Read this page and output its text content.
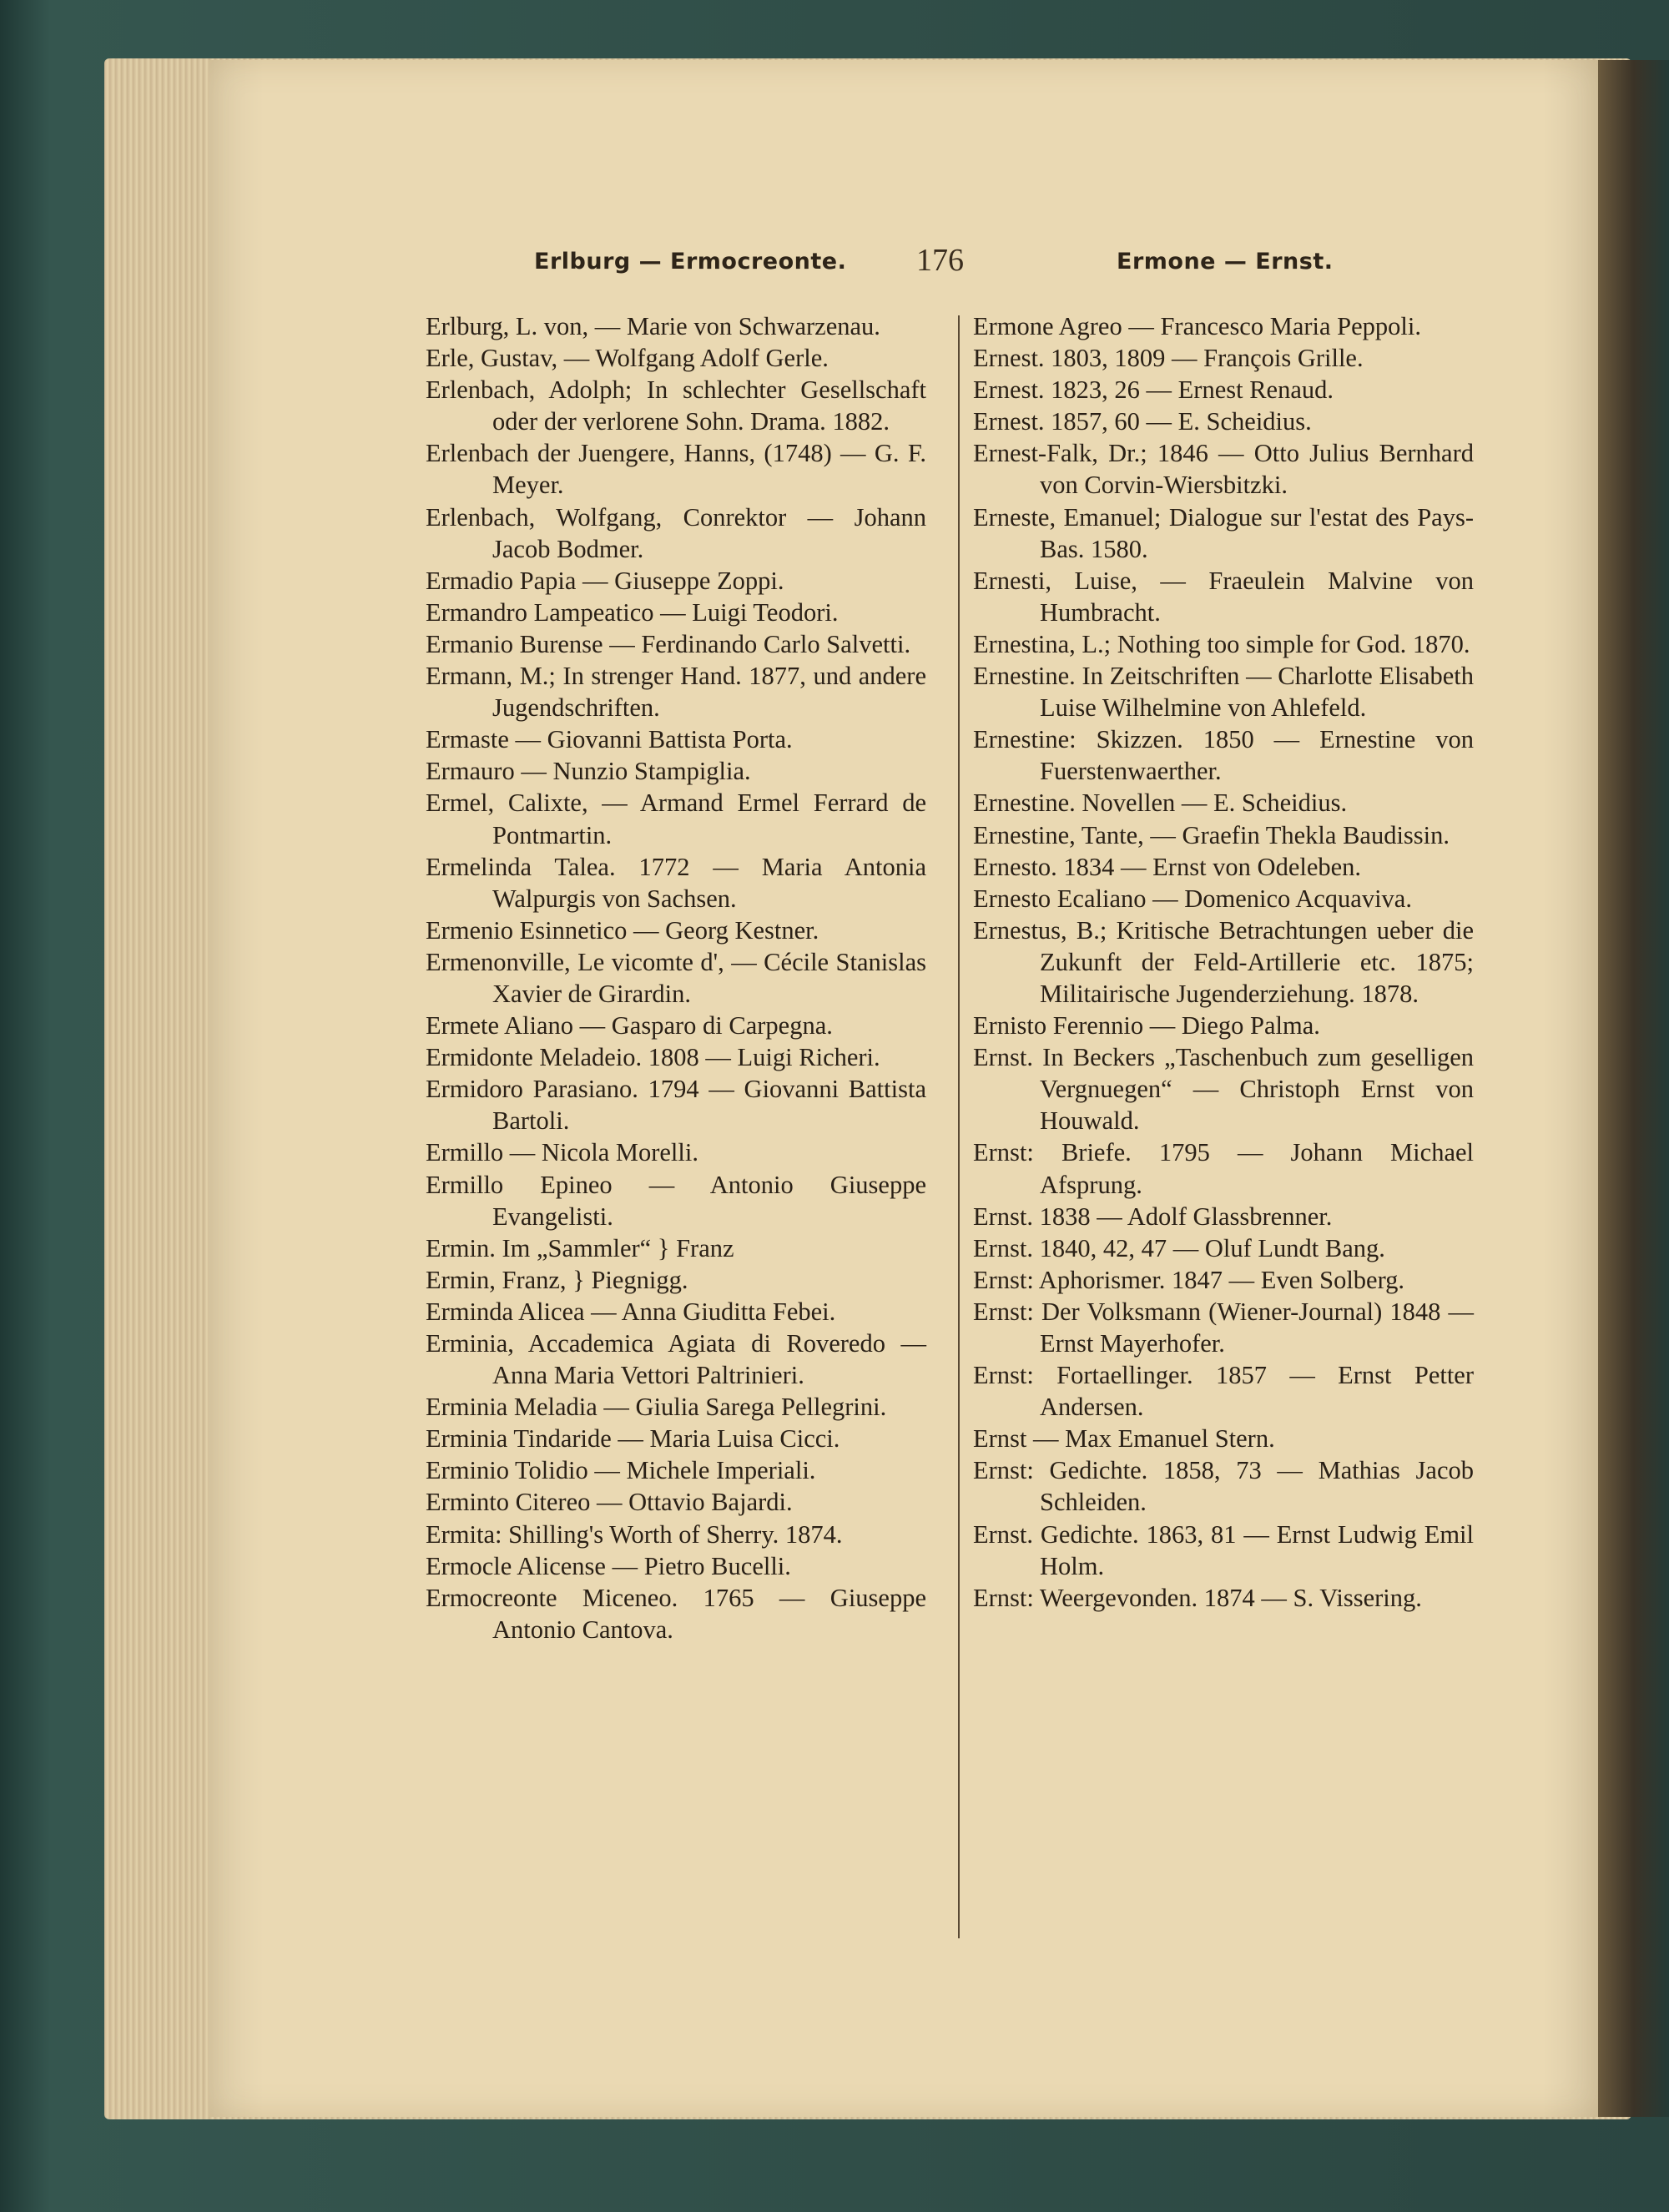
Erlburg — Ermocreonte. 176	Ermone — Ernst.

Erlburg, L. von, — Marie von Schwarzenau.

Erle, Gustav, — Wolfgang Adolf Gerle.

Erlenbach, Adolph; In schlechter Gesellschaft oder der verlorene Sohn. Drama. 1882.

Erlenbach der Juengere, Hanns, (1748) — G. F. Meyer.

Erlenbach, Wolfgang, Conrektor — Johann Jacob Bodmer.

Ermadio Papia — Giuseppe Zoppi.

Ermandro Lampeatico — Luigi Teodori.

Ermanio Burense — Ferdinando Carlo Salvetti.

Ermann, M.; In strenger Hand. 1877, und andere Jugendschriften.

Ermaste — Giovanni Battista Porta.

Ermauro — Nunzio Stampiglia.

Ermel, Calixte, — Armand Ermel Ferrard de Pontmartin.

Ermelinda Talea. 1772 — Maria Antonia Walpurgis von Sachsen.

Ermenio Esinnetico — Georg Kestner.

Ermenonville, Le vicomte d', — Cécile Stanislas Xavier de Girardin.

Ermete Aliano — Gasparo di Carpegna.

Ermidonte Meladeio. 1808 — Luigi Richeri.

Ermidoro Parasiano. 1794 — Giovanni Battista Bartoli.

Ermillo — Nicola Morelli.

Ermillo Epineo — Antonio Giuseppe Evangelisti.

Ermin. Im „Sammler“ } Franz

Ermin, Franz, } Piegnigg.

Erminda Alicea — Anna Giuditta Febei.

Erminia, Accademica Agiata di Roveredo — Anna Maria Vettori Paltrinieri.

Erminia Meladia — Giulia Sarega Pellegrini.

Erminia Tindaride — Maria Luisa Cicci.

Erminio Tolidio — Michele Imperiali.

Erminto Citereo — Ottavio Bajardi.

Ermita: Shilling's Worth of Sherry. 1874.

Ermocle Alicense — Pietro Bucelli.

Ermocreonte Miceneo. 1765 — Giuseppe Antonio Cantova.

Ermone Agreo — Francesco Maria Peppoli.

Ernest. 1803, 1809 — François Grille.

Ernest. 1823, 26 — Ernest Renaud.

Ernest. 1857, 60 — E. Scheidius.

Ernest-Falk, Dr.; 1846 — Otto Julius Bernhard von Corvin-Wiersbitzki.

Erneste, Emanuel; Dialogue sur l'estat des Pays-Bas. 1580.

Ernesti, Luise, — Fraeulein Malvine von Humbracht.

Ernestina, L.; Nothing too simple for God. 1870.

Ernestine. In Zeitschriften — Charlotte Elisabeth Luise Wilhelmine von Ahlefeld.

Ernestine: Skizzen. 1850 — Ernestine von Fuerstenwaerther.

Ernestine. Novellen — E. Scheidius.

Ernestine, Tante, — Graefin Thekla Baudissin.

Ernesto. 1834 — Ernst von Odeleben.

Ernesto Ecaliano — Domenico Acquaviva.

Ernestus, B.; Kritische Betrachtungen ueber die Zukunft der Feld-Artillerie etc. 1875; Militairische Jugenderziehung. 1878.

Ernisto Ferennio — Diego Palma.

Ernst. In Beckers „Taschenbuch zum geselligen Vergnuegen“ — Christoph Ernst von Houwald.

Ernst: Briefe. 1795 — Johann Michael Afsprung.

Ernst. 1838 — Adolf Glassbrenner.

Ernst. 1840, 42, 47 — Oluf Lundt Bang.

Ernst: Aphorismer. 1847 — Even Solberg.

Ernst: Der Volksmann (Wiener-Journal) 1848 — Ernst Mayerhofer.

Ernst: Fortaellinger. 1857 — Ernst Petter Andersen.

Ernst — Max Emanuel Stern.

Ernst: Gedichte. 1858, 73 — Mathias Jacob Schleiden.

Ernst. Gedichte. 1863, 81 — Ernst Ludwig Emil Holm.

Ernst: Weergevonden. 1874 — S. Vissering.
